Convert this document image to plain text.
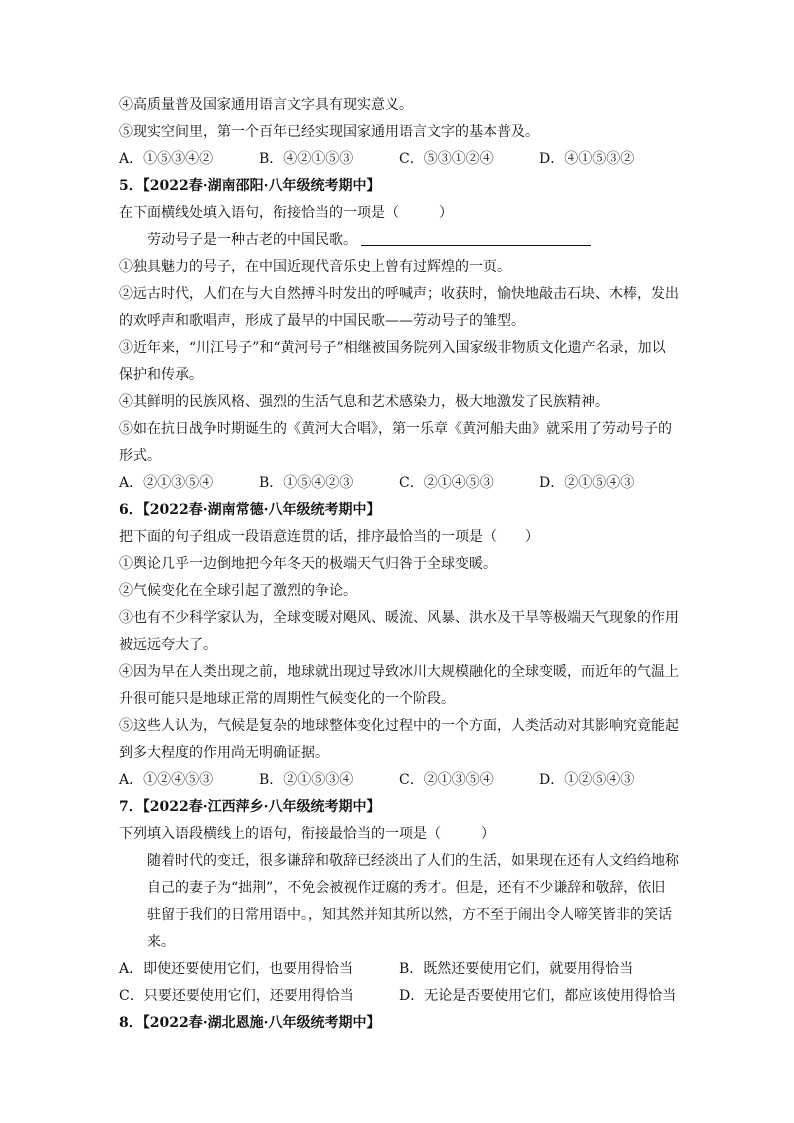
④高质量普及国家通用语言文字具有现实意义。
⑤现实空间里，第一个百年已经实现国家通用语言文字的基本普及。
A．①⑤③④②	B．④②①⑤③	C．⑤③①②④	D．④①⑤③②
5．【2022春·湖南邵阳·八年级统考期中】
在下面横线处填入语句，衔接恰当的一项是（	）
劳动号子是一种古老的中国民歌。
①独具魅力的号子，在中国近现代音乐史上曾有过辉煌的一页。
②远古时代，人们在与大自然搏斗时发出的呼喊声；收获时，愉快地敲击石块、木棒，发出的欢呼声和歌唱声，形成了最早的中国民歌——劳动号子的雏型。
③近年来，“川江号子”和“黄河号子”相继被国务院列入国家级非物质文化遗产名录，加以保护和传承。
④其鲜明的民族风格、强烈的生活气息和艺术感染力，极大地激发了民族精神。
⑤如在抗日战争时期诞生的《黄河大合唱》，第一乐章《黄河船夫曲》就采用了劳动号子的形式。
A．②①③⑤④	B．①⑤④②③	C．②①④⑤③	D．②①⑤④③
6．【2022春·湖南常德·八年级统考期中】
把下面的句子组成一段语意连贯的话，排序最恰当的一项是（ ）
①舆论几乎一边倒地把今年冬天的极端天气归咎于全球变暖。
②气候变化在全球引起了激烈的争论。
③也有不少科学家认为，全球变暖对飓风、暖流、风暴、洪水及干旱等极端天气现象的作用被远远夸大了。
④因为早在人类出现之前，地球就出现过导致冰川大规模融化的全球变暖，而近年的气温上升很可能只是地球正常的周期性气候变化的一个阶段。
⑤这些人认为，气候是复杂的地球整体变化过程中的一个方面，人类活动对其影响究竟能起到多大程度的作用尚无明确证据。
A．①②④⑤③	B．②①⑤③④	C．②①③⑤④	D．①②⑤④③
7．【2022春·江西萍乡·八年级统考期中】
下列填入语段横线上的语句，衔接最恰当的一项是（	）
随着时代的变迁，很多谦辞和敬辞已经淡出了人们的生活，如果现在还有人文绉绉地称自己的妻子为“拙荆”，不免会被视作迂腐的秀才。但是，还有不少谦辞和敬辞，依旧驻留于我们的日常用语中。，知其然并知其所以然，方不至于闹出令人啼笑皆非的笑话来。
A．即使还要使用它们，也要用得恰当	B．既然还要使用它们，就要用得恰当
C．只要还要使用它们，还要用得恰当	D．无论是否要使用它们，都应该使用得恰当
8．【2022春·湖北恩施·八年级统考期中】
